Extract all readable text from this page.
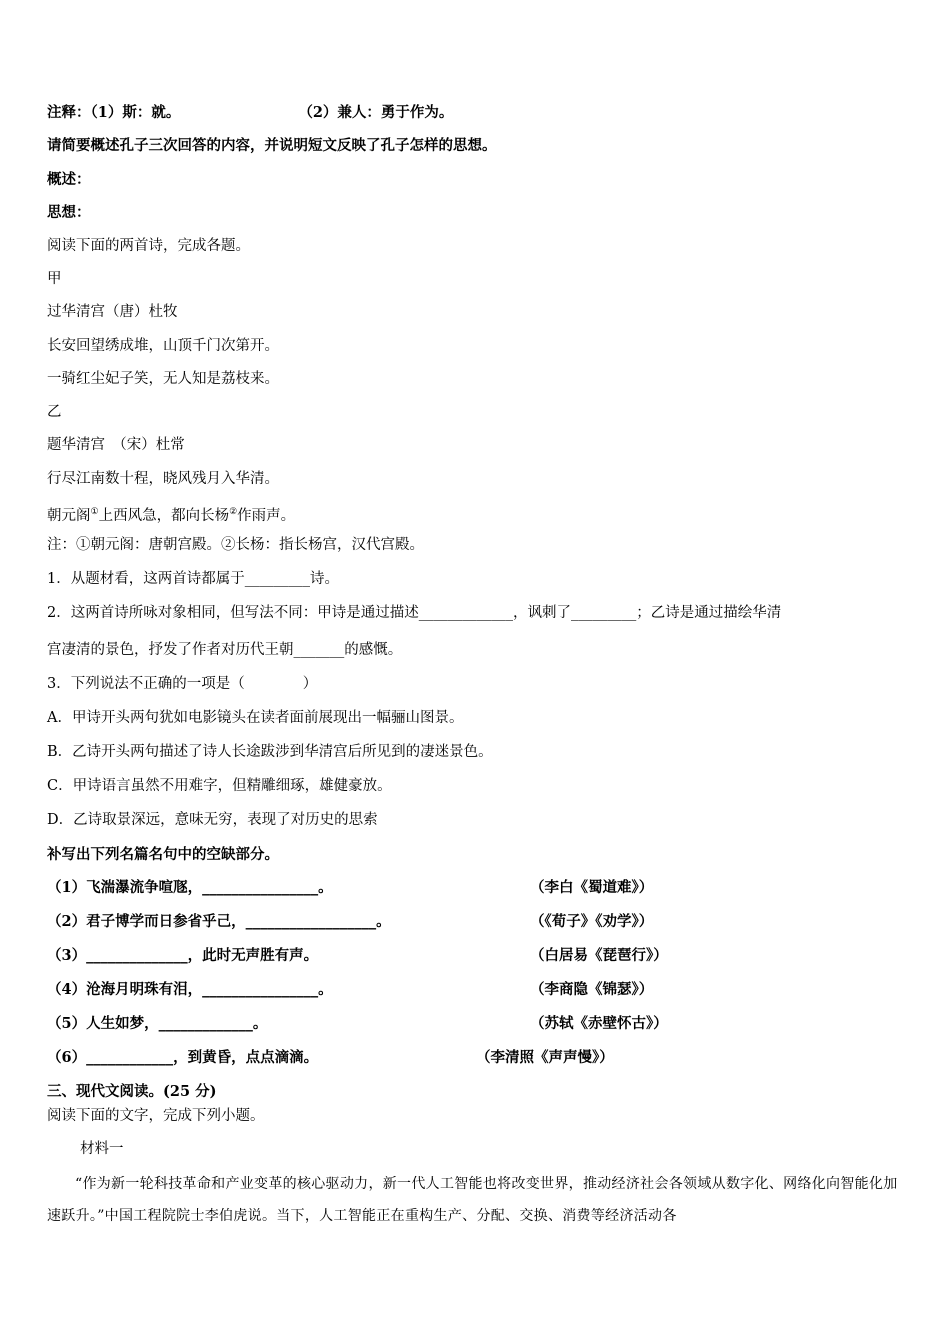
注释：（1）斯：就。	（2）兼人：勇于作为。
请简要概述孔子三次回答的内容，并说明短文反映了孔子怎样的思想。
概述：
思想：
阅读下面的两首诗，完成各题。
甲
过华清宫（唐）杜牧
长安回望绣成堆，山顶千门次第开。
一骑红尘妃子笑，无人知是荔枝来。
乙
题华清宫　（宋）杜常
行尽江南数十程，晓风残月入华清。
朝元阁①上西风急，都向长杨②作雨声。
注：①朝元阁：唐朝宫殿。②长杨：指长杨宫，汉代宫殿。
1．从题材看，这两首诗都属于_________诗。
2．这两首诗所咏对象相同，但写法不同：甲诗是通过描述_____________，讽刺了_________；乙诗是通过描绘华清
宫凄清的景色，抒发了作者对历代王朝_______的感慨。
3．下列说法不正确的一项是（　　　　）
A．甲诗开头两句犹如电影镜头在读者面前展现出一幅骊山图景。
B．乙诗开头两句描述了诗人长途跋涉到华清宫后所见到的凄迷景色。
C．甲诗语言虽然不用难字，但精雕细琢，雄健豪放。
D．乙诗取景深远，意味无穷，表现了对历史的思索
补写出下列名篇名句中的空缺部分。
（1）飞湍瀑流争喧豗，________________。	（李白《蜀道难》）
（2）君子博学而日参省乎己，__________________。	（《荀子》《劝学》）
（3）______________，此时无声胜有声。	（白居易《琵琶行》）
（4）沧海月明珠有泪，________________。	（李商隐《锦瑟》）
（5）人生如梦，_____________。	（苏轼《赤壁怀古》）
（6）____________，到黄昏，点点滴滴。	（李清照《声声慢》）
三、现代文阅读。(25 分)
阅读下面的文字，完成下列小题。
材料一
“作为新一轮科技革命和产业变革的核心驱动力，新一代人工智能也将改变世界，推动经济社会各领域从数字化、网络化向智能化加速跃升。”中国工程院院士李伯虎说。当下，人工智能正在重构生产、分配、交换、消费等经济活动各
